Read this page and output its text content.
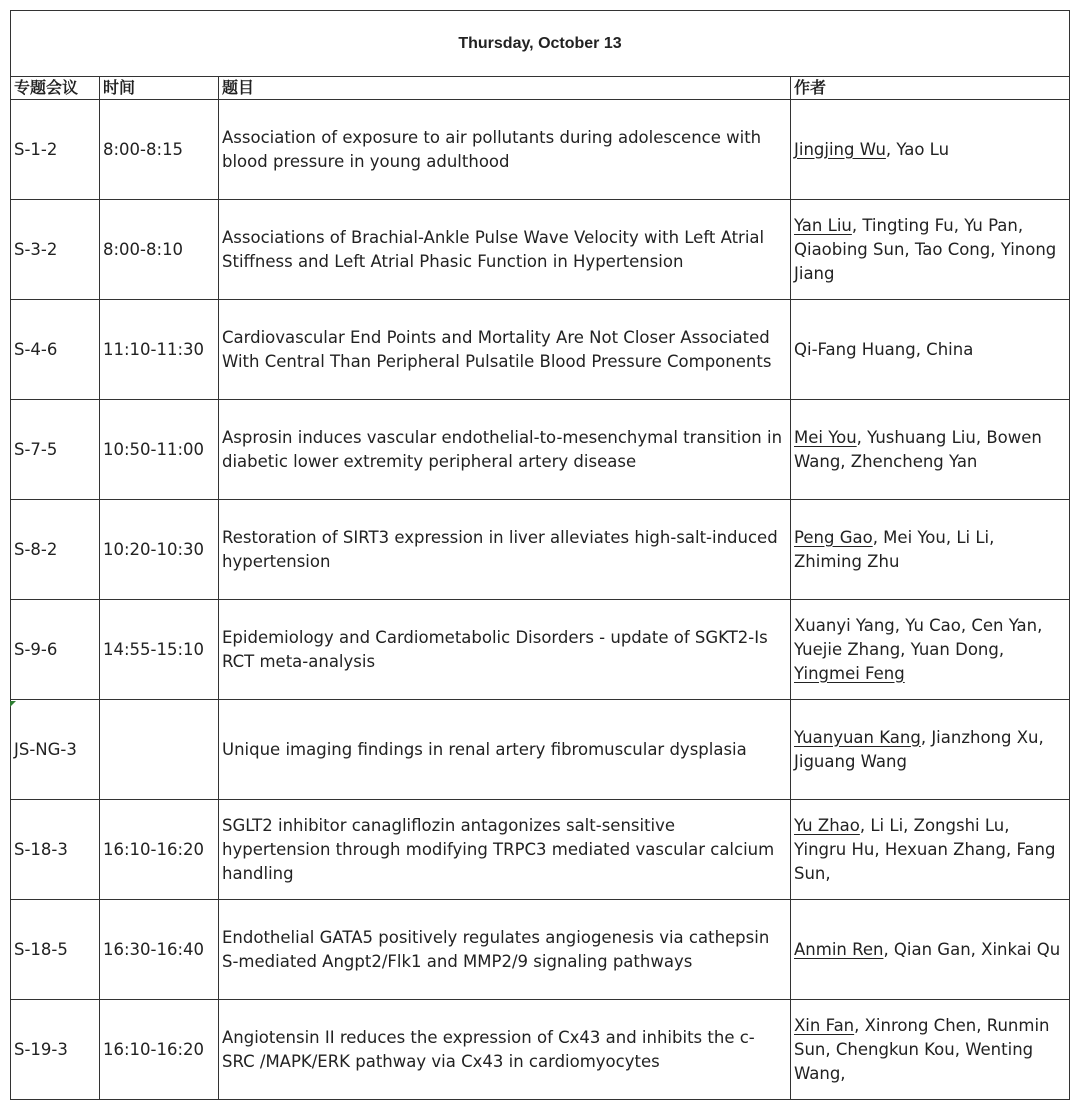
Thursday, October 13			
专题会议	时间	题目	作者
S-1-2	8:00-8:15	Association of exposure to air pollutants during adolescence with blood pressure in young adulthood	Jingjing Wu, Yao Lu
S-3-2	8:00-8:10	Associations of Brachial-Ankle Pulse Wave Velocity with Left Atrial Stiffness and Left Atrial Phasic Function in Hypertension	Yan Liu, Tingting Fu, Yu Pan, Qiaobing Sun, Tao Cong, Yinong Jiang
S-4-6	11:10-11:30	Cardiovascular End Points and Mortality Are Not Closer Associated With Central Than Peripheral Pulsatile Blood Pressure Components	Qi-Fang Huang, China
S-7-5	10:50-11:00	Asprosin induces vascular endothelial-to-mesenchymal transition in diabetic lower extremity peripheral artery disease	Mei You, Yushuang Liu, Bowen Wang, Zhencheng Yan
S-8-2	10:20-10:30	Restoration of SIRT3 expression in liver alleviates high-salt-induced hypertension	Peng Gao, Mei You, Li Li, Zhiming Zhu
S-9-6	14:55-15:10	Epidemiology and Cardiometabolic Disorders - update of SGKT2-Is RCT meta-analysis	Xuanyi Yang, Yu Cao, Cen Yan, Yuejie Zhang, Yuan Dong, Yingmei Feng
JS-NG-3		Unique imaging findings in renal artery fibromuscular dysplasia	Yuanyuan Kang, Jianzhong Xu, Jiguang Wang
S-18-3	16:10-16:20	SGLT2 inhibitor canagliflozin antagonizes salt-sensitive hypertension through modifying TRPC3 mediated vascular calcium handling	Yu Zhao, Li Li, Zongshi Lu, Yingru Hu, Hexuan Zhang, Fang Sun,
S-18-5	16:30-16:40	Endothelial GATA5 positively regulates angiogenesis via cathepsin S-mediated Angpt2/Flk1 and MMP2/9 signaling pathways	Anmin Ren, Qian Gan, Xinkai Qu
S-19-3	16:10-16:20	Angiotensin II reduces the expression of Cx43 and inhibits the c-SRC /MAPK/ERK pathway via Cx43 in cardiomyocytes	Xin Fan, Xinrong Chen, Runmin Sun, Chengkun Kou, Wenting Wang,
